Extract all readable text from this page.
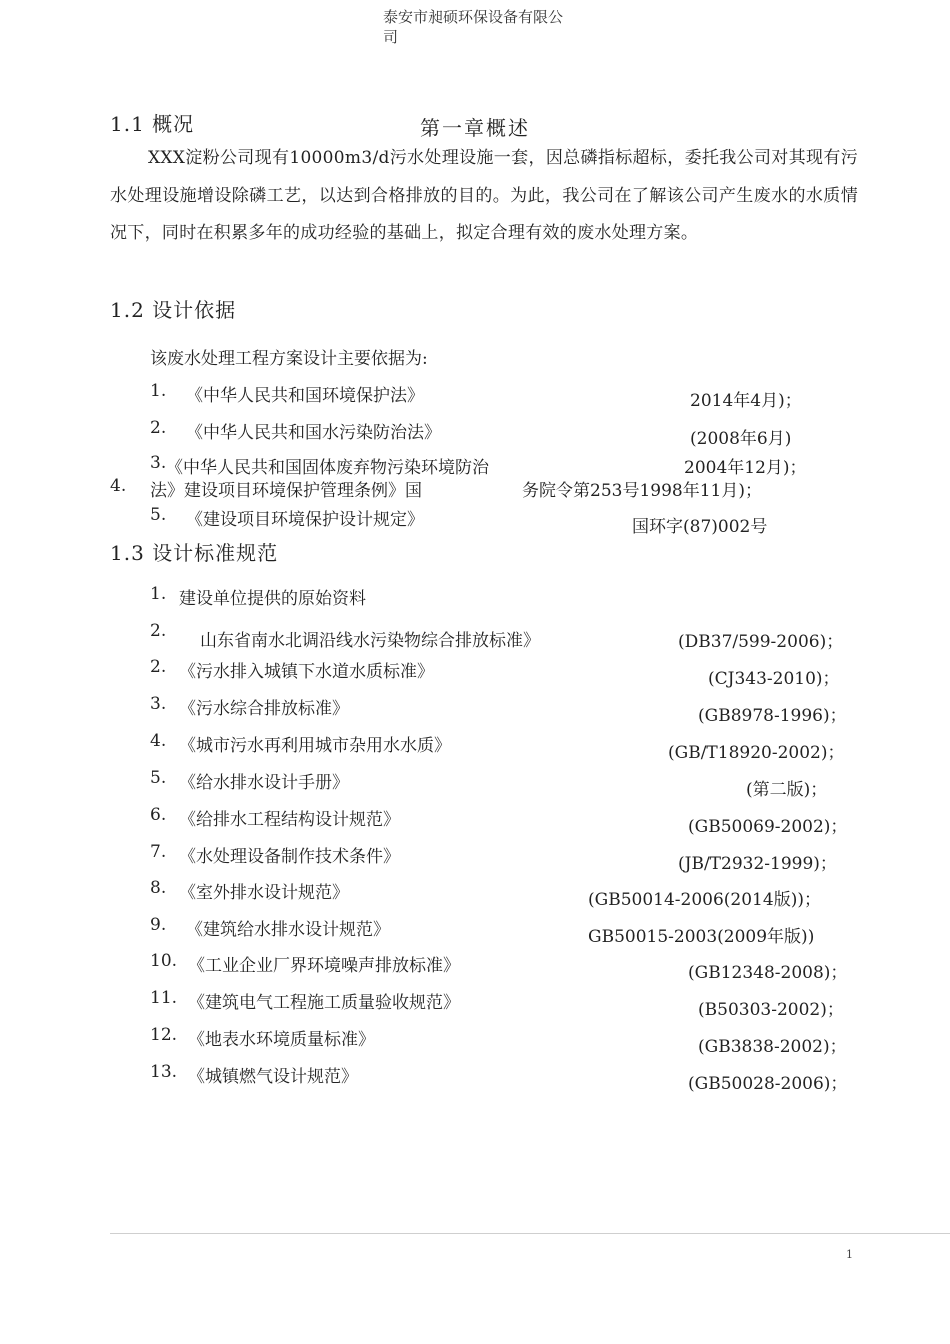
泰安市昶硕环保设备有限公
司
1.1 概况	第一章概述

XXX淀粉公司现有10000m3/d污水处理设施一套，因总磷指标超标，委托我公司对其现有污水处理设施增设除磷工艺，以达到合格排放的目的。为此，我公司在了解该公司产生废水的水质情况下，同时在积累多年的成功经验的基础上，拟定合理有效的废水处理方案。

1.2 设计依据
该废水处理工程方案设计主要依据为:
1. 《中华人民共和国环境保护法》	2014年4月)；
2. 《中华人民共和国水污染防治法》	(2008年6月)
3. 《中华人民共和国固体废弃物污染环境防治	2004年12月)；
4. 法》建设项目环境保护管理条例》国	务院令第253号1998年11月)；
5. 《建设项目环境保护设计规定》	国环字(87)002号
1.3 设计标准规范
1. 建设单位提供的原始资料
2. 山东省南水北调沿线水污染物综合排放标准》	(DB37/599-2006)；
2. 《污水排入城镇下水道水质标准》	(CJ343-2010)；
3. 《污水综合排放标准》	(GB8978-1996)；
4. 《城市污水再利用城市杂用水水质》	(GB/T18920-2002)；
5. 《给水排水设计手册》	(第二版)；
6. 《给排水工程结构设计规范》	(GB50069-2002)；
7. 《水处理设备制作技术条件》	(JB/T2932-1999)；
8. 《室外排水设计规范》	(GB50014-2006(2014版))；
9. 《建筑给水排水设计规范》	GB50015-2003(2009年版))
10. 《工业企业厂界环境噪声排放标准》	(GB12348-2008)；
11. 《建筑电气工程施工质量验收规范》	(B50303-2002)；
12. 《地表水环境质量标准》	(GB3838-2002)；
13. 《城镇燃气设计规范》	(GB50028-2006)；
1
